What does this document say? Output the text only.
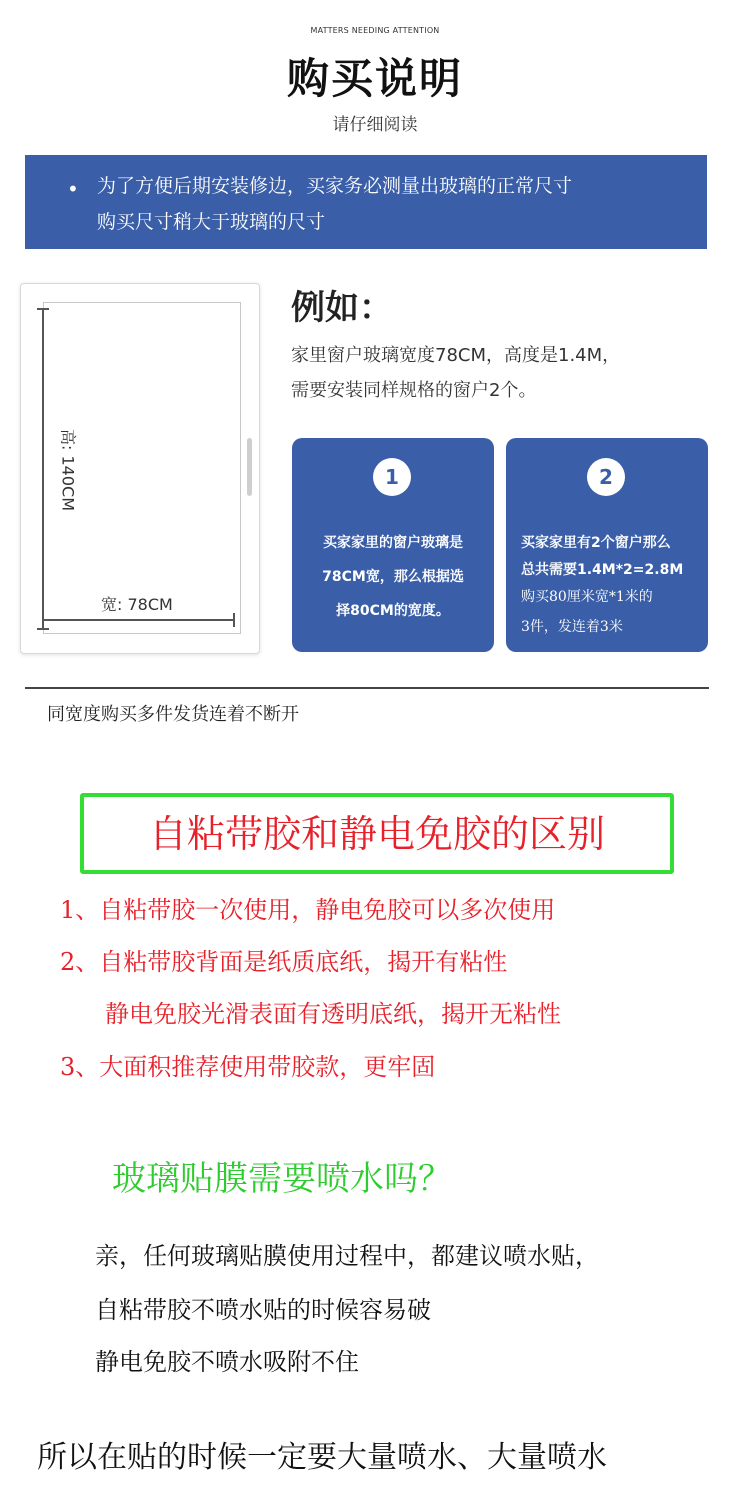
MATTERS NEEDING ATTENTION
购买说明
请仔细阅读
• 为了方便后期安装修边，买家务必测量出玻璃的正常尺寸
购买尺寸稍大于玻璃的尺寸
高: 140CM
宽: 78CM
例如：
家里窗户玻璃宽度78CM，高度是1.4M，
需要安装同样规格的窗户2个。
1
买家家里的窗户玻璃是
78CM宽，那么根据选
择80CM的宽度。
2
买家家里有2个窗户那么
总共需要1.4M*2=2.8M
购买80厘米宽*1米的
3件，发连着3米
同宽度购买多件发货连着不断开
自粘带胶和静电免胶的区别
1、自粘带胶一次使用，静电免胶可以多次使用
2、自粘带胶背面是纸质底纸，揭开有粘性
静电免胶光滑表面有透明底纸，揭开无粘性
3、大面积推荐使用带胶款，更牢固
玻璃贴膜需要喷水吗？
亲，任何玻璃贴膜使用过程中，都建议喷水贴，
自粘带胶不喷水贴的时候容易破
静电免胶不喷水吸附不住
所以在贴的时候一定要大量喷水、大量喷水
